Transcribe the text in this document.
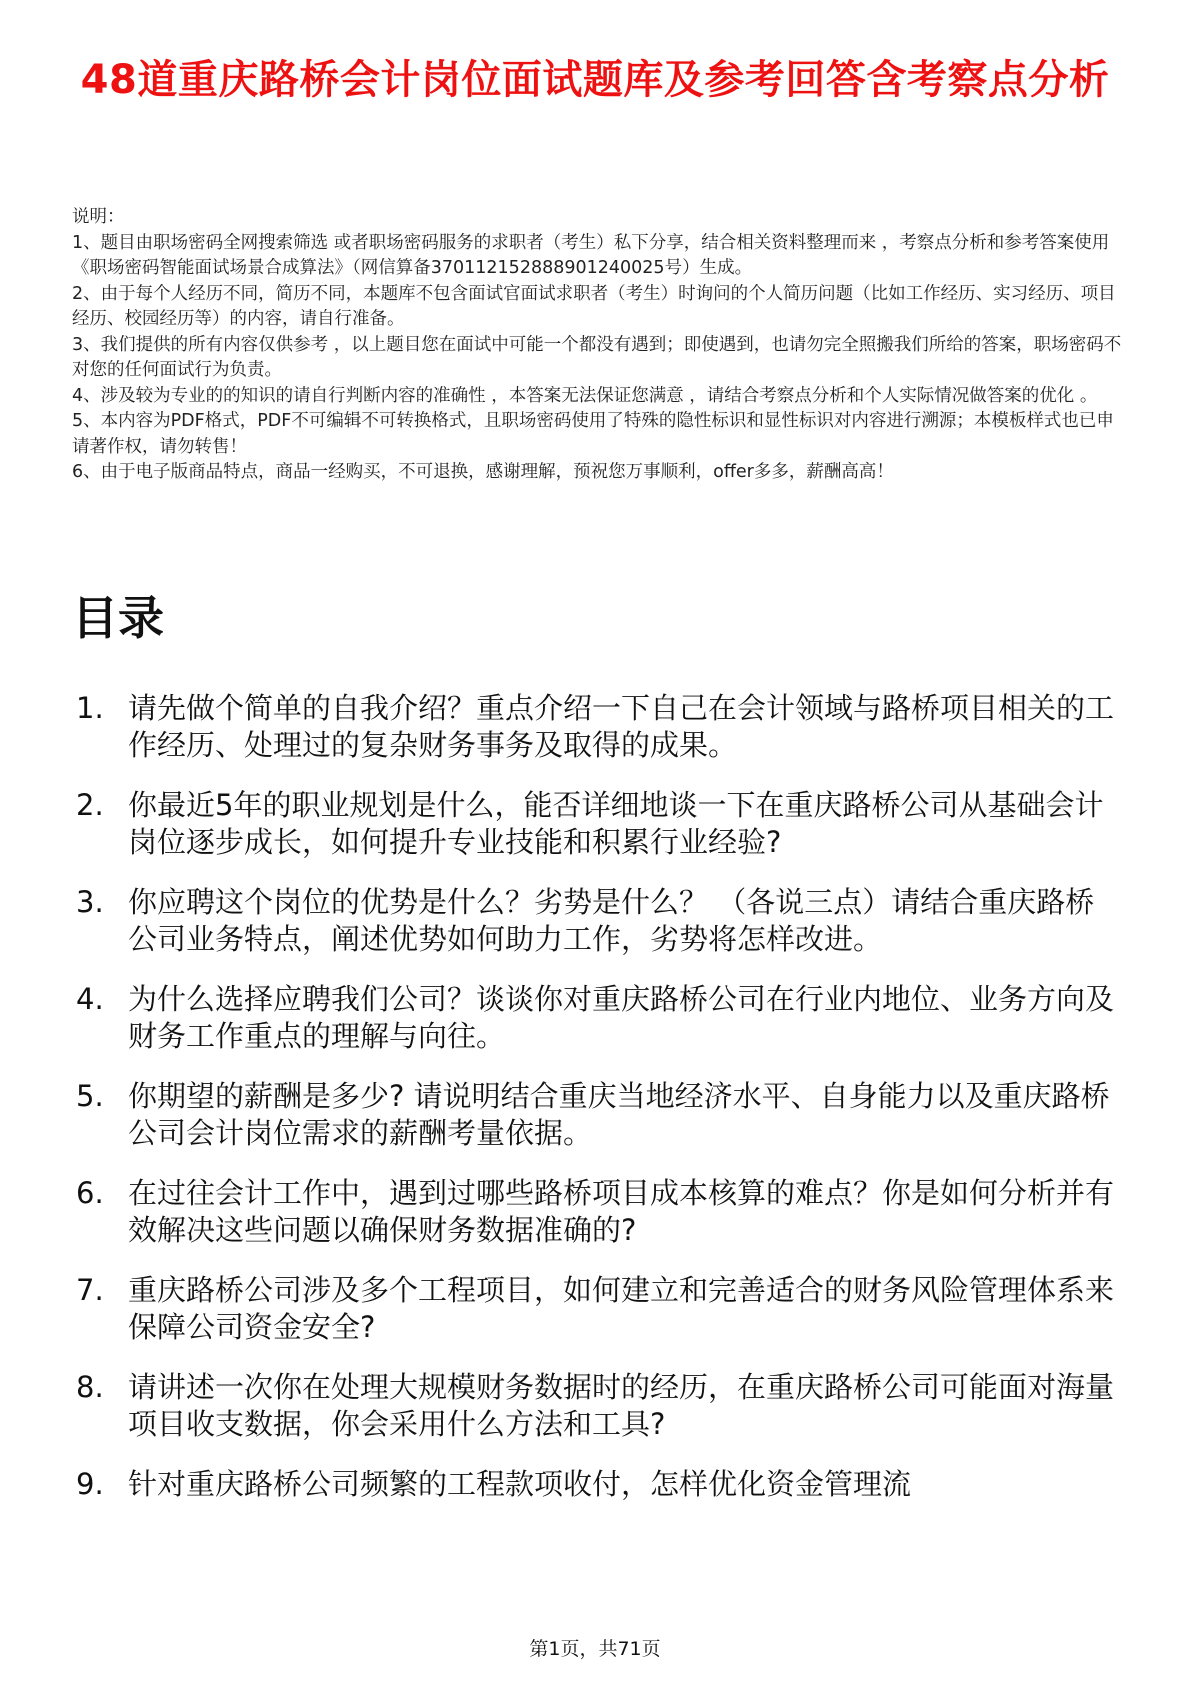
48道重庆路桥会计岗位面试题库及参考回答含考察点分析
说明：
1、题目由职场密码全网搜索筛选 或者职场密码服务的求职者（考生）私下分享，结合相关资料整理而来 ，考察点分析和参考答案使用《职场密码智能面试场景合成算法》（网信算备370112152888901240025号）生成。
2、由于每个人经历不同，简历不同，本题库不包含面试官面试求职者（考生）时询问的个人简历问题（比如工作经历、实习经历、项目经历、校园经历等）的内容，请自行准备。
3、我们提供的所有内容仅供参考 ，以上题目您在面试中可能一个都没有遇到；即使遇到，也请勿完全照搬我们所给的答案，职场密码不对您的任何面试行为负责。
4、涉及较为专业的的知识的请自行判断内容的准确性 ，本答案无法保证您满意 ，请结合考察点分析和个人实际情况做答案的优化 。
5、本内容为PDF格式，PDF不可编辑不可转换格式，且职场密码使用了特殊的隐性标识和显性标识对内容进行溯源；本模板样式也已申请著作权，请勿转售！
6、由于电子版商品特点，商品一经购买，不可退换，感谢理解，预祝您万事顺利，offer多多，薪酬高高！
目录
1. 请先做个简单的自我介绍？重点介绍一下自己在会计领域与路桥项目相关的工作经历、处理过的复杂财务事务及取得的成果。
2. 你最近5年的职业规划是什么，能否详细地谈一下在重庆路桥公司从基础会计岗位逐步成长，如何提升专业技能和积累行业经验?
3. 你应聘这个岗位的优势是什么？劣势是什么？ （各说三点）请结合重庆路桥公司业务特点，阐述优势如何助力工作，劣势将怎样改进。
4. 为什么选择应聘我们公司？谈谈你对重庆路桥公司在行业内地位、业务方向及财务工作重点的理解与向往。
5. 你期望的薪酬是多少? 请说明结合重庆当地经济水平、自身能力以及重庆路桥公司会计岗位需求的薪酬考量依据。
6. 在过往会计工作中，遇到过哪些路桥项目成本核算的难点？你是如何分析并有效解决这些问题以确保财务数据准确的?
7. 重庆路桥公司涉及多个工程项目，如何建立和完善适合的财务风险管理体系来保障公司资金安全?
8. 请讲述一次你在处理大规模财务数据时的经历，在重庆路桥公司可能面对海量项目收支数据，你会采用什么方法和工具?
9. 针对重庆路桥公司频繁的工程款项收付，怎样优化资金管理流
第1页，共71页
